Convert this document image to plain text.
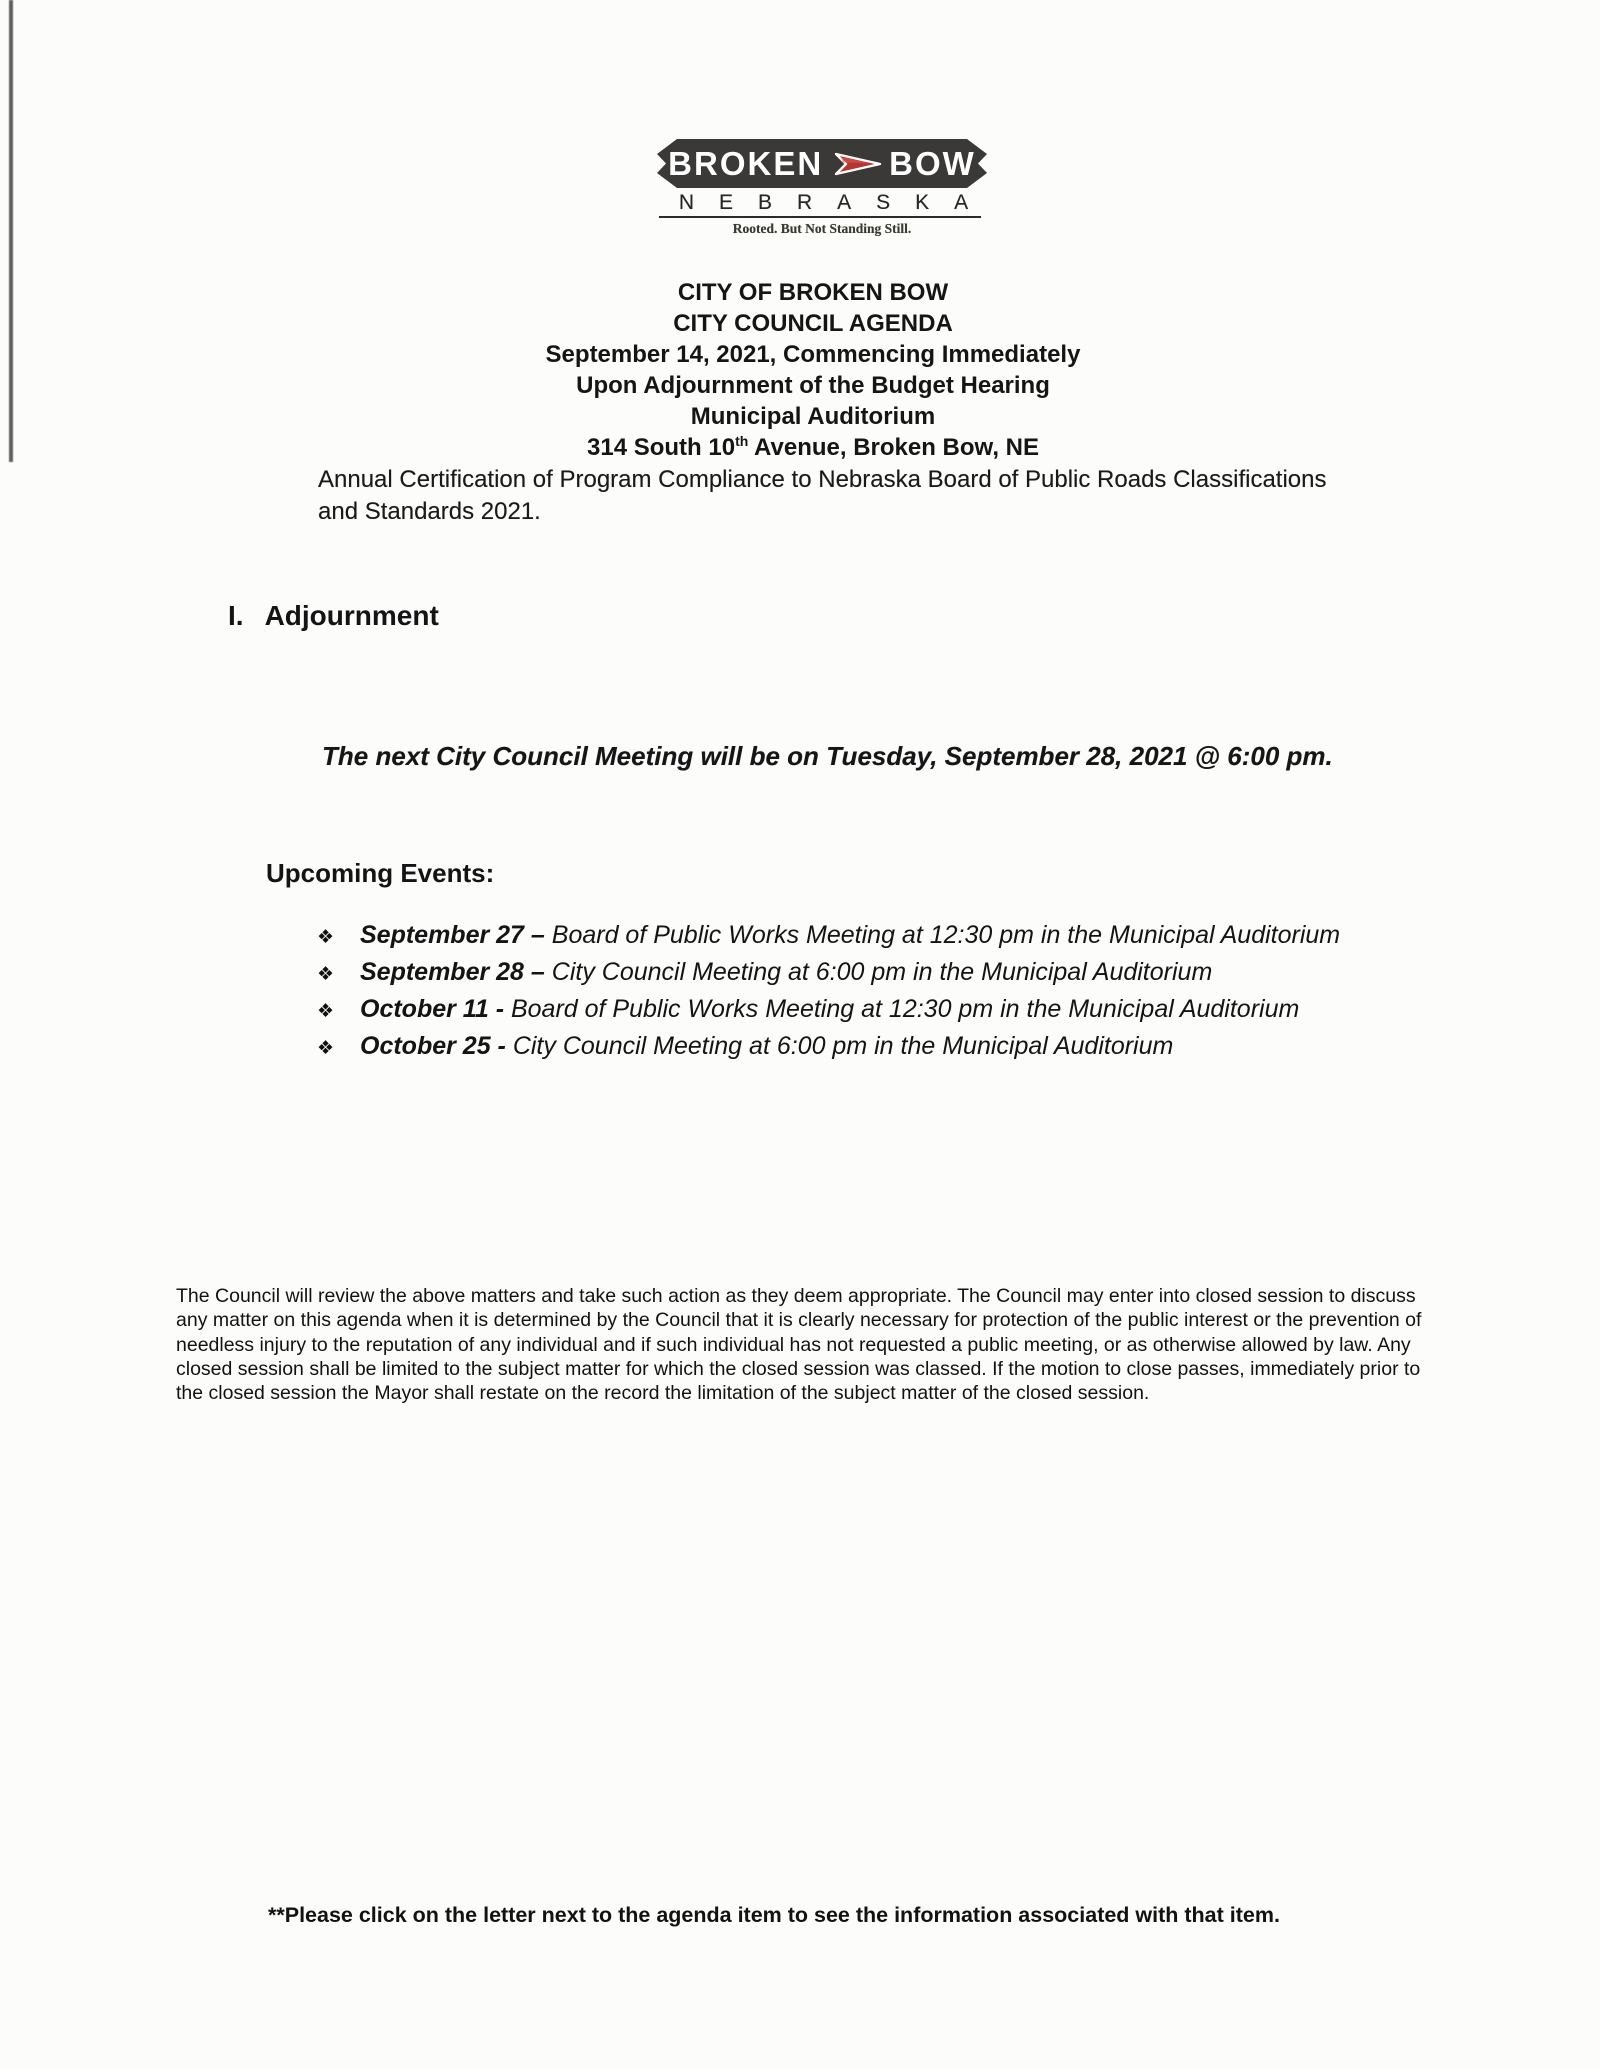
BROKEN BOW
NEBRASKA
Rooted. But Not Standing Still.
CITY OF BROKEN BOW
CITY COUNCIL AGENDA
September 14, 2021, Commencing Immediately
Upon Adjournment of the Budget Hearing
Municipal Auditorium
314 South 10th Avenue, Broken Bow, NE
Annual Certification of Program Compliance to Nebraska Board of Public Roads Classifications and Standards 2021.
I. Adjournment
The next City Council Meeting will be on Tuesday, September 28, 2021 @ 6:00 pm.
Upcoming Events:
❖	September 27 – Board of Public Works Meeting at 12:30 pm in the Municipal Auditorium
❖	September 28 – City Council Meeting at 6:00 pm in the Municipal Auditorium
❖	October 11 - Board of Public Works Meeting at 12:30 pm in the Municipal Auditorium
❖	October 25 - City Council Meeting at 6:00 pm in the Municipal Auditorium
The Council will review the above matters and take such action as they deem appropriate. The Council may enter into closed session to discuss any matter on this agenda when it is determined by the Council that it is clearly necessary for protection of the public interest or the prevention of needless injury to the reputation of any individual and if such individual has not requested a public meeting, or as otherwise allowed by law. Any closed session shall be limited to the subject matter for which the closed session was classed. If the motion to close passes, immediately prior to the closed session the Mayor shall restate on the record the limitation of the subject matter of the closed session.
**Please click on the letter next to the agenda item to see the information associated with that item.
